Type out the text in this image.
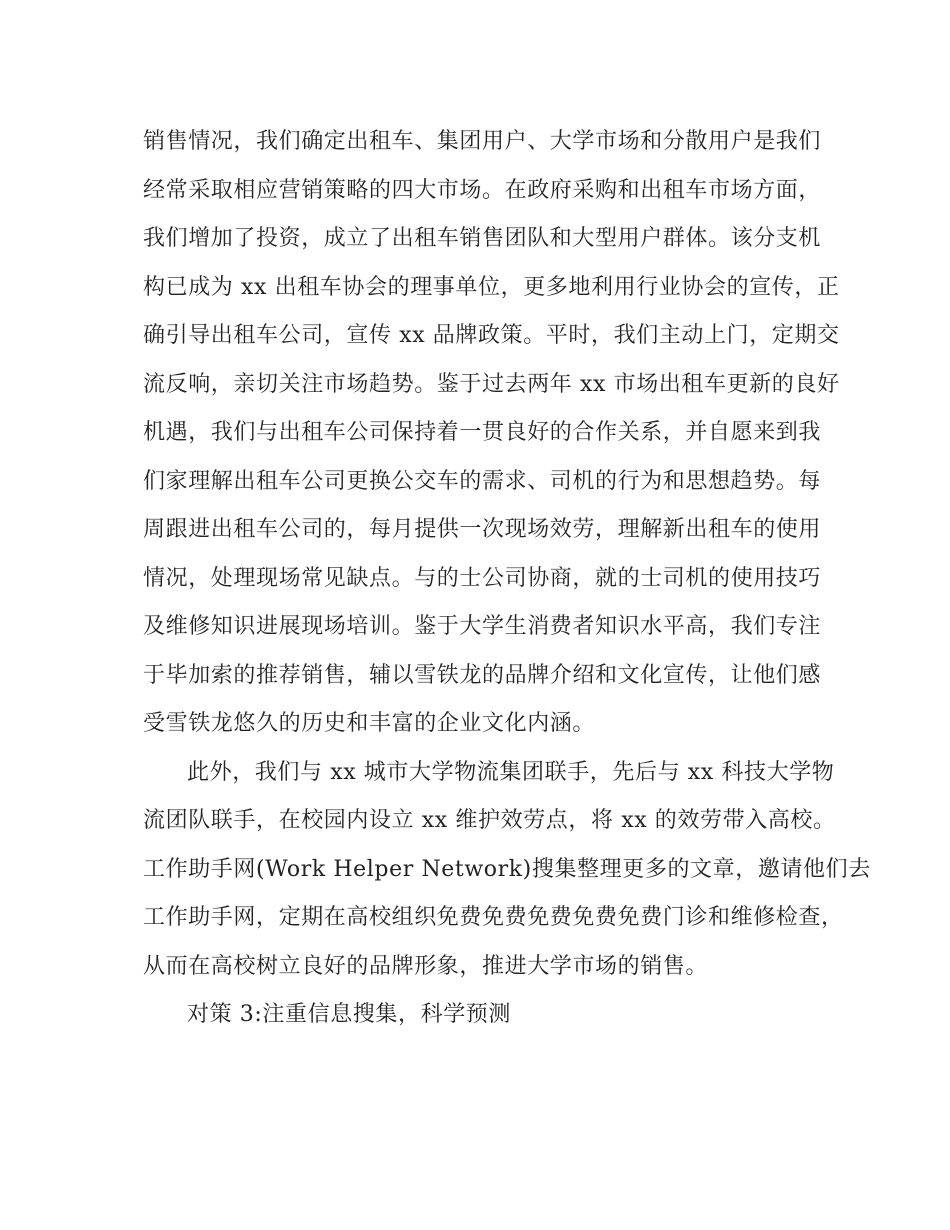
销售情况，我们确定出租车、集团用户、大学市场和分散用户是我们
经常采取相应营销策略的四大市场。在政府采购和出租车市场方面，
我们增加了投资，成立了出租车销售团队和大型用户群体。该分支机
构已成为 xx 出租车协会的理事单位，更多地利用行业协会的宣传，正
确引导出租车公司，宣传 xx 品牌政策。平时，我们主动上门，定期交
流反响，亲切关注市场趋势。鉴于过去两年 xx 市场出租车更新的良好
机遇，我们与出租车公司保持着一贯良好的合作关系，并自愿来到我
们家理解出租车公司更换公交车的需求、司机的行为和思想趋势。每
周跟进出租车公司的，每月提供一次现场效劳，理解新出租车的使用
情况，处理现场常见缺点。与的士公司协商，就的士司机的使用技巧
及维修知识进展现场培训。鉴于大学生消费者知识水平高，我们专注
于毕加索的推荐销售，辅以雪铁龙的品牌介绍和文化宣传，让他们感
受雪铁龙悠久的历史和丰富的企业文化内涵。

此外，我们与 xx 城市大学物流集团联手，先后与 xx 科技大学物
流团队联手，在校园内设立 xx 维护效劳点，将 xx 的效劳带入高校。
工作助手网(Work Helper Network)搜集整理更多的文章，邀请他们去
工作助手网，定期在高校组织免费免费免费免费免费门诊和维修检查，
从而在高校树立良好的品牌形象，推进大学市场的销售。

对策 3:注重信息搜集，科学预测
